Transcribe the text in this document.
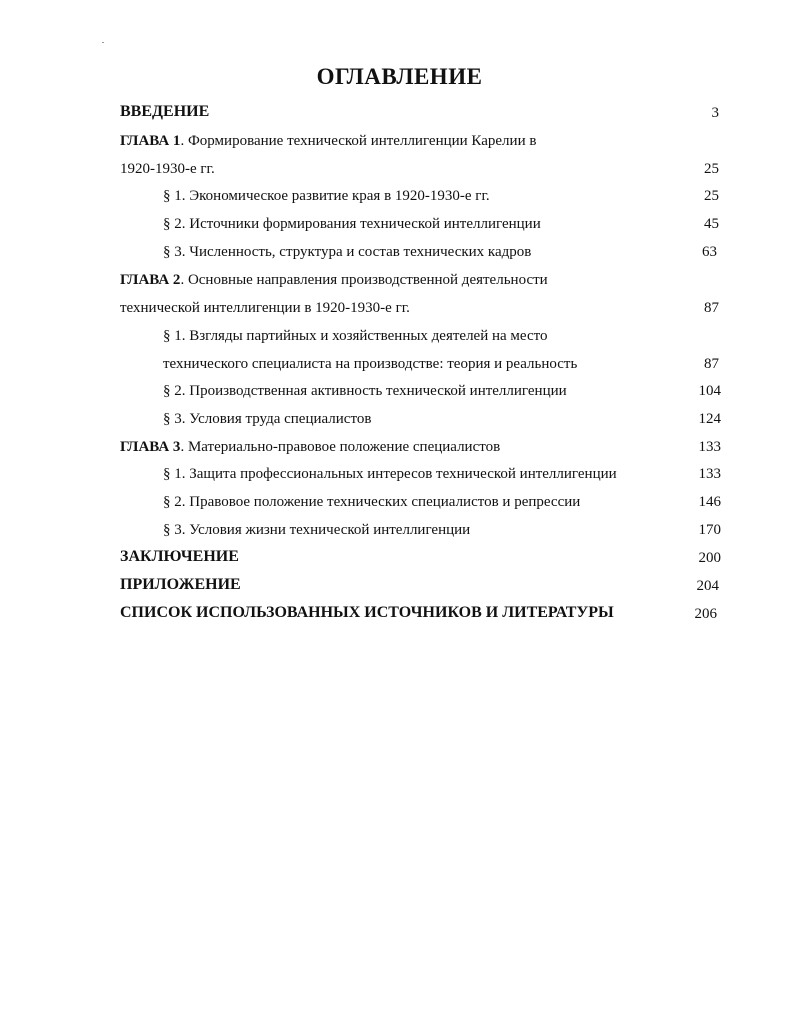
ОГЛАВЛЕНИЕ
ВВЕДЕНИЕ	3
ГЛАВА 1. Формирование технической интеллигенции Карелии в
1920-1930-е гг.	25
§ 1. Экономическое развитие края в 1920-1930-е гг.	25
§ 2. Источники формирования технической интеллигенции	45
§ 3. Численность, структура и состав технических кадров	63
ГЛАВА 2. Основные направления производственной деятельности
технической интеллигенции в 1920-1930-е гг.	87
§ 1. Взгляды партийных и хозяйственных деятелей на место
технического специалиста на производстве: теория и реальность	87
§ 2. Производственная активность технической интеллигенции	104
§ 3. Условия труда специалистов	124
ГЛАВА 3. Материально-правовое положение специалистов	133
§ 1. Защита профессиональных интересов технической интеллигенции	133
§ 2. Правовое положение технических специалистов и репрессии	146
§ 3. Условия жизни технической интеллигенции	170
ЗАКЛЮЧЕНИЕ	200
ПРИЛОЖЕНИЕ	204
СПИСОК ИСПОЛЬЗОВАННЫХ ИСТОЧНИКОВ И ЛИТЕРАТУРЫ	206
